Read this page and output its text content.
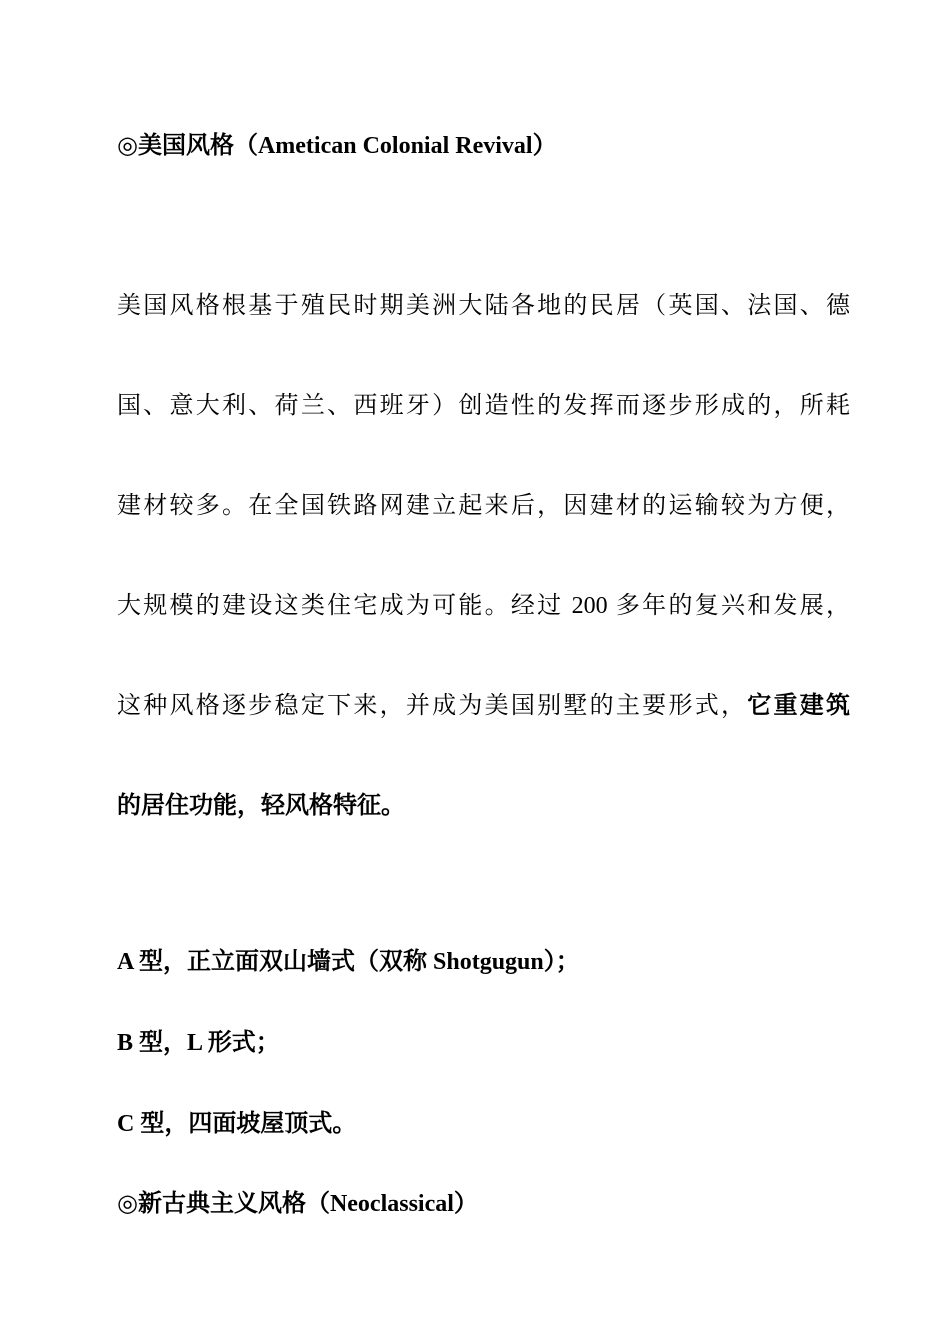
◎美国风格（Ametican Colonial Revival）
美国风格根基于殖民时期美洲大陆各地的民居（英国、法国、德
国、意大利、荷兰、西班牙）创造性的发挥而逐步形成的，所耗
建材较多。在全国铁路网建立起来后，因建材的运输较为方便，
大规模的建设这类住宅成为可能。经过 200 多年的复兴和发展，
这种风格逐步稳定下来，并成为美国别墅的主要形式，它重建筑
的居住功能，轻风格特征。
A 型，正立面双山墙式（双称 Shotgugun）；
B 型，L 形式；
C 型，四面坡屋顶式。
◎新古典主义风格（Neoclassical）
